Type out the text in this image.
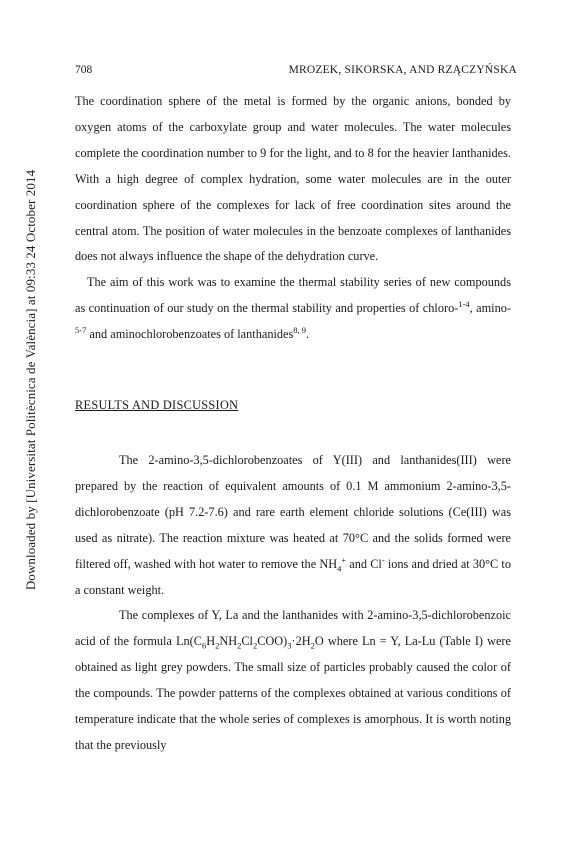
Downloaded by [Universitat Politècnica de València] at 09:33 24 October 2014
708	MROZEK, SIKORSKA, AND RZĄCZYŃSKA

The coordination sphere of the metal is formed by the organic anions, bonded by oxygen atoms of the carboxylate group and water molecules. The water molecules complete the coordination number to 9 for the light, and to 8 for the heavier lanthanides. With a high degree of complex hydration, some water molecules are in the outer coordination sphere of the complexes for lack of free coordination sites around the central atom. The position of water molecules in the benzoate complexes of lanthanides does not always influence the shape of the dehydration curve.

The aim of this work was to examine the thermal stability series of new compounds as continuation of our study on the thermal stability and properties of chloro-$^{1-4}$, amino-$^{5-7}$ and aminochlorobenzoates of lanthanides$^{8, 9}$.

RESULTS AND DISCUSSION

The 2-amino-3,5-dichlorobenzoates of Y(III) and lanthanides(III) were prepared by the reaction of equivalent amounts of 0.1 M ammonium 2-amino-3,5-dichlorobenzoate (pH 7.2-7.6) and rare earth element chloride solutions (Ce(III) was used as nitrate). The reaction mixture was heated at 70°C and the solids formed were filtered off, washed with hot water to remove the $NH_4^+$ and Cl- ions and dried at 30°C to a constant weight.

The complexes of Y, La and the lanthanides with 2-amino-3,5-dichlorobenzoic acid of the formula $Ln(C_6H_2NH_2Cl_2COO)_3\cdot 2H_2O$ where Ln = Y, La-Lu (Table I) were obtained as light grey powders. The small size of particles probably caused the color of the compounds. The powder patterns of the complexes obtained at various conditions of temperature indicate that the whole series of complexes is amorphous. It is worth noting that the previously
